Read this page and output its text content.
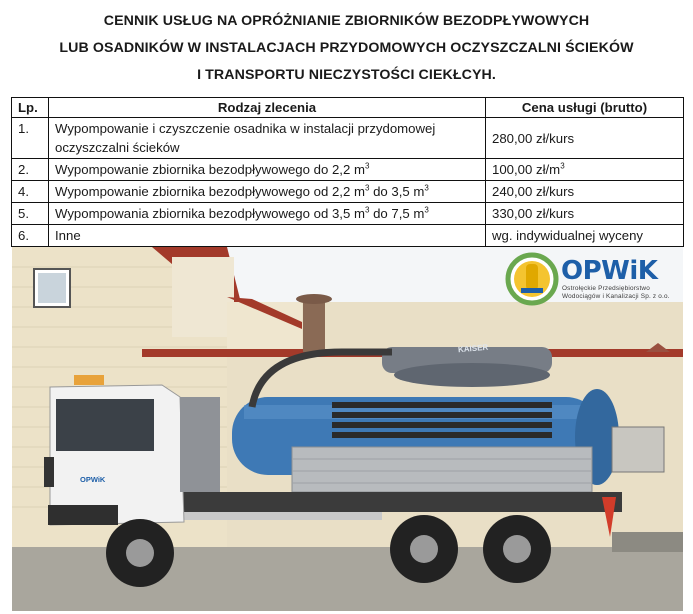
CENNIK USŁUG NA OPRÓŻNIANIE ZBIORNIKÓW BEZODPŁYWOWYCH
LUB OSADNIKÓW W INSTALACJACH PRZYDOMOWYCH OCZYSZCZALNI ŚCIEKÓW
I TRANSPORTU NIECZYSTOŚCI CIEKŁCYH.
Lp.	Rodzaj zlecenia	Cena usługi (brutto)
1.	Wypompowanie i czyszczenie osadnika w instalacji przydomowej oczyszczalni ścieków	280,00 zł/kurs
2.	Wypompowanie zbiornika bezodpływowego do 2,2 $m^3$	100,00 $zł/m^3$
4.	Wypompowanie zbiornika bezodpływowego od 2,2 $m^3$ do 3,5 $m^3$	240,00 zł/kurs
5.	Wypompowania zbiornika bezodpływowego od 3,5 $m^3$ do 7,5 $m^3$	330,00 zł/kurs
6.	Inne	wg. indywidualnej wyceny
OPWiK
Ostrołęckie Przedsiębiorstwo Wodociągów i Kanalizacji Sp. z o.o.
KAISER
OPWiK
